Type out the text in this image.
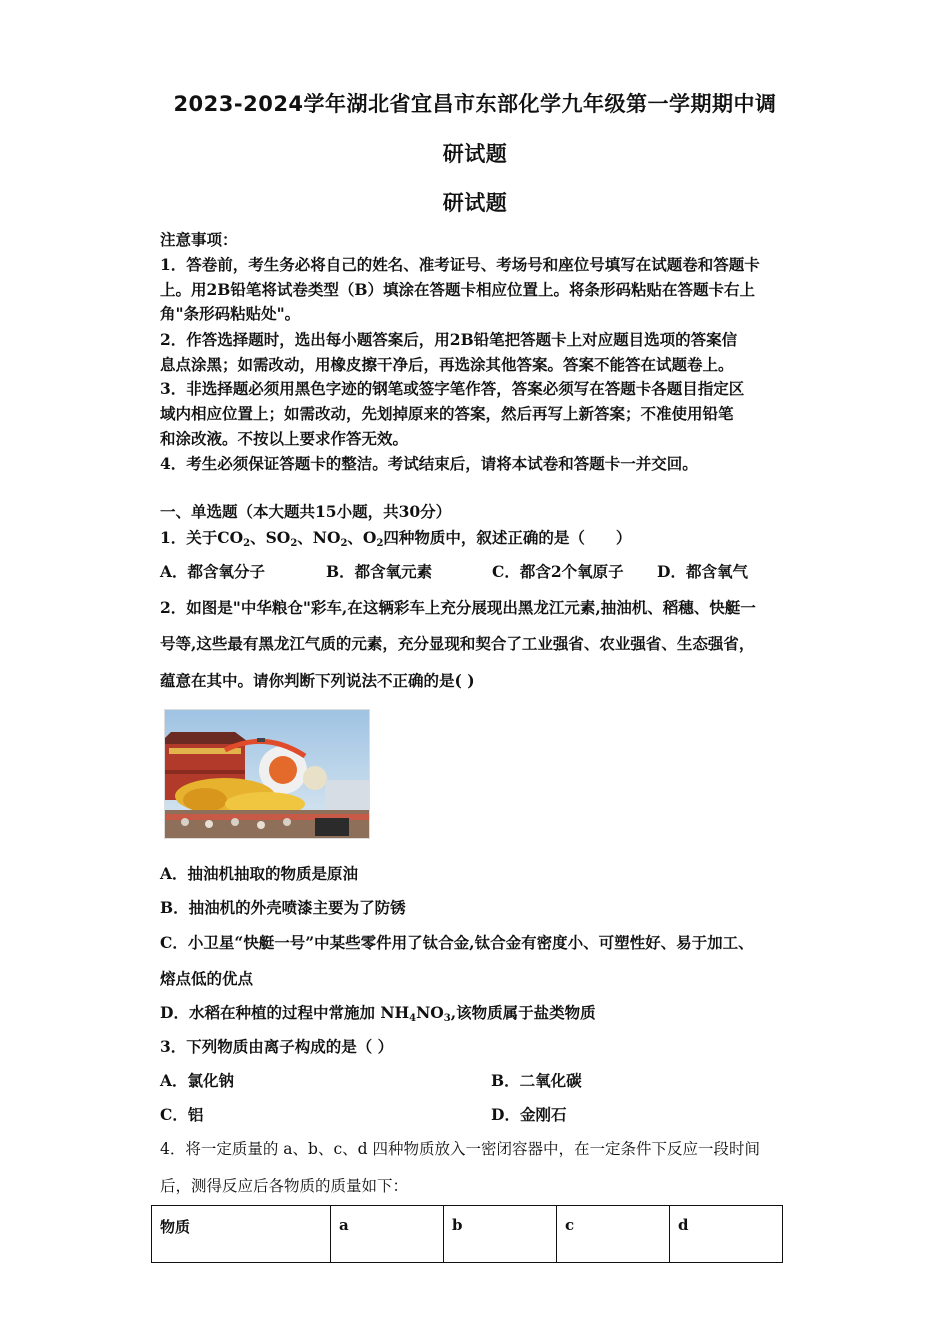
2023-2024学年湖北省宜昌市东部化学九年级第一学期期中调
研试题
研试题
注意事项：
1．答卷前，考生务必将自己的姓名、准考证号、考场号和座位号填写在试题卷和答题卡
上。用2B铅笔将试卷类型（B）填涂在答题卡相应位置上。将条形码粘贴在答题卡右上
角"条形码粘贴处"。
2．作答选择题时，选出每小题答案后，用2B铅笔把答题卡上对应题目选项的答案信
息点涂黑；如需改动，用橡皮擦干净后，再选涂其他答案。答案不能答在试题卷上。
3．非选择题必须用黑色字迹的钢笔或签字笔作答，答案必须写在答题卡各题目指定区
域内相应位置上；如需改动，先划掉原来的答案，然后再写上新答案；不准使用铅笔
和涂改液。不按以上要求作答无效。
4．考生必须保证答题卡的整洁。考试结束后，请将本试卷和答题卡一并交回。
一、单选题（本大题共15小题，共30分）
1．关于$CO_2$、$SO_2$、$NO_2$、$O_2$四种物质中，叙述正确的是（　　）
A．都含氧分子	B．都含氧元素	C．都含2个氧原子 D．都含氧气
2．如图是"中华粮仓"彩车,在这辆彩车上充分展现出黑龙江元素,抽油机、稻穗、快艇一
号等,这些最有黑龙江气质的元素，充分显现和契合了工业强省、农业强省、生态强省，
蕴意在其中。请你判断下列说法不正确的是( )
A．抽油机抽取的物质是原油
B．抽油机的外壳喷漆主要为了防锈
C．小卫星“快艇一号”中某些零件用了钛合金,钛合金有密度小、可塑性好、易于加工、
熔点低的优点
D．水稻在种植的过程中常施加 $NH_4NO_3$,该物质属于盐类物质
3．下列物质由离子构成的是（ ）
A．氯化钠	B．二氧化碳
C．铝	D．金刚石
4．将一定质量的 a、b、c、d 四种物质放入一密闭容器中，在一定条件下反应一段时间
后，测得反应后各物质的质量如下：
物质	a	b	c	d
